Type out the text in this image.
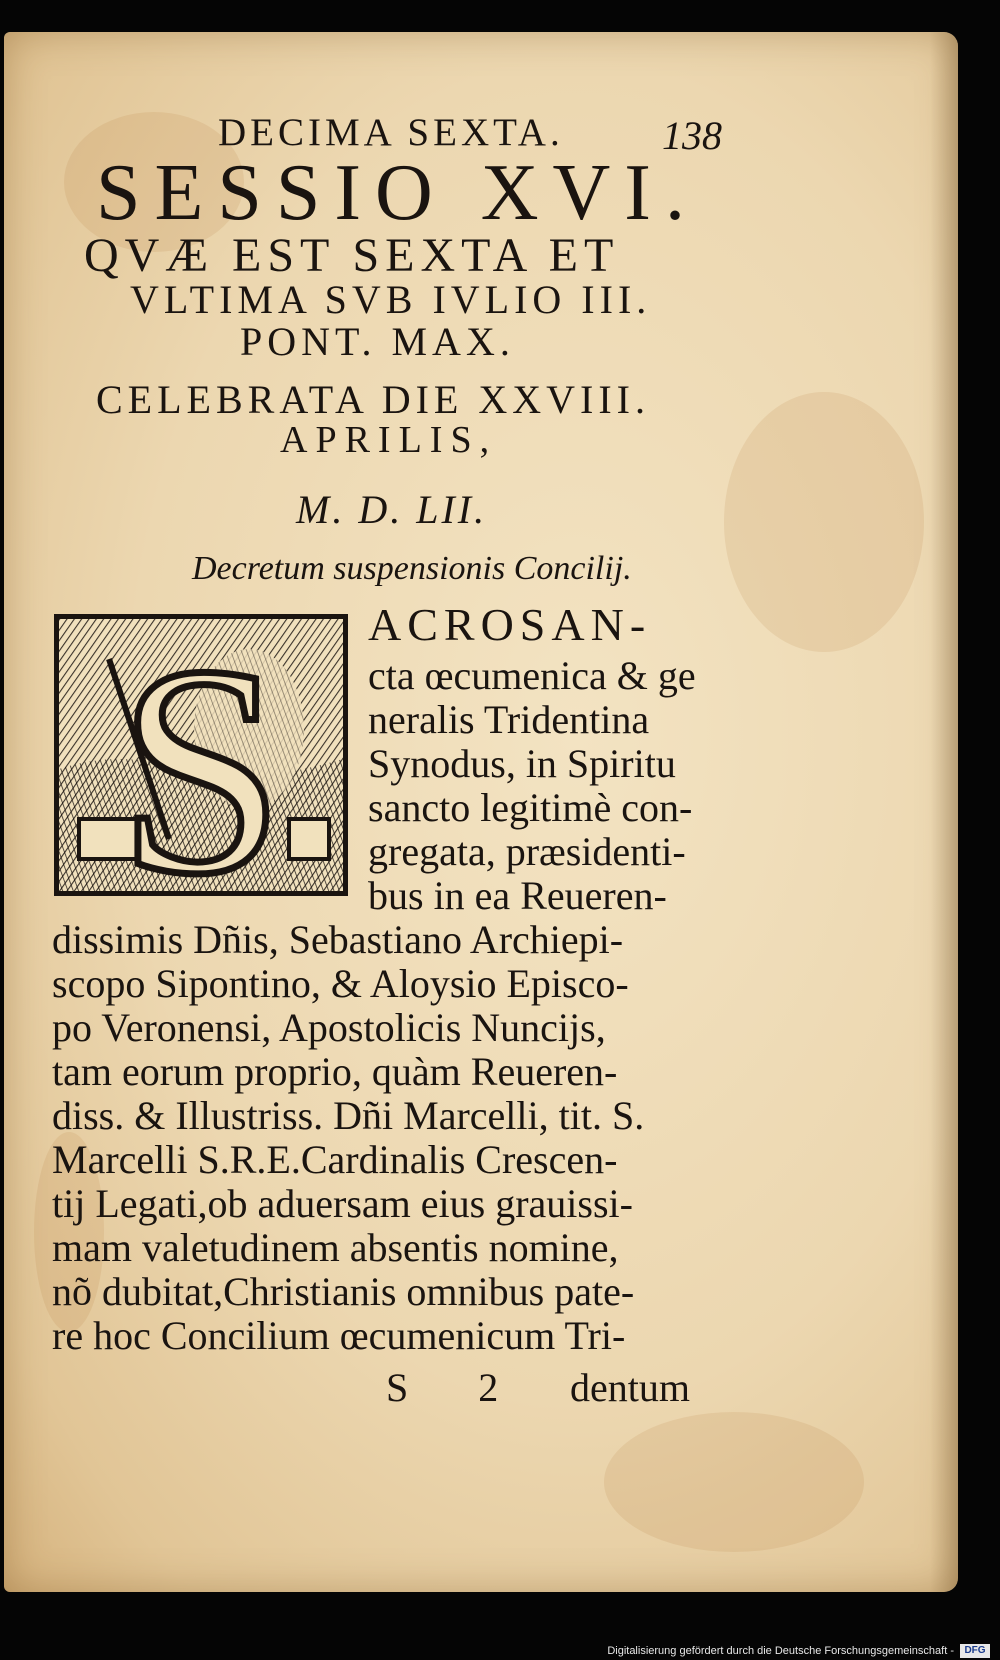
DECIMA SEXTA. 138

SESSIO XVI.

QVÆ EST SEXTA ET

VLTIMA SVB IVLIO III.

PONT. MAX.

CELEBRATA DIE XXVIII.

APRILIS,

M. D. LII.

Decretum suspensionis Concilij.

S ACROSAN-

cta œcumenica & ge

neralis Tridentina

Synodus, in Spiritu

sancto legitimè con-

gregata, præsidenti-

bus in ea Reueren-

dissimis Dñis, Sebastiano Archiepi-

scopo Sipontino, & Aloysio Episco-

po Veronensi, Apostolicis Nuncijs,

tam eorum proprio, quàm Reueren-

diss. & Illustriss. Dñi Marcelli, tit. S.

Marcelli S.R.E.Cardinalis Crescen-

tij Legati,ob aduersam eius grauissi-

mam valetudinem absentis nomine,

nõ dubitat,Christianis omnibus pate-

re hoc Concilium œcumenicum Tri-

S 2 dentum

Digitalisierung gefördert durch die Deutsche Forschungsgemeinschaft -	DFG
